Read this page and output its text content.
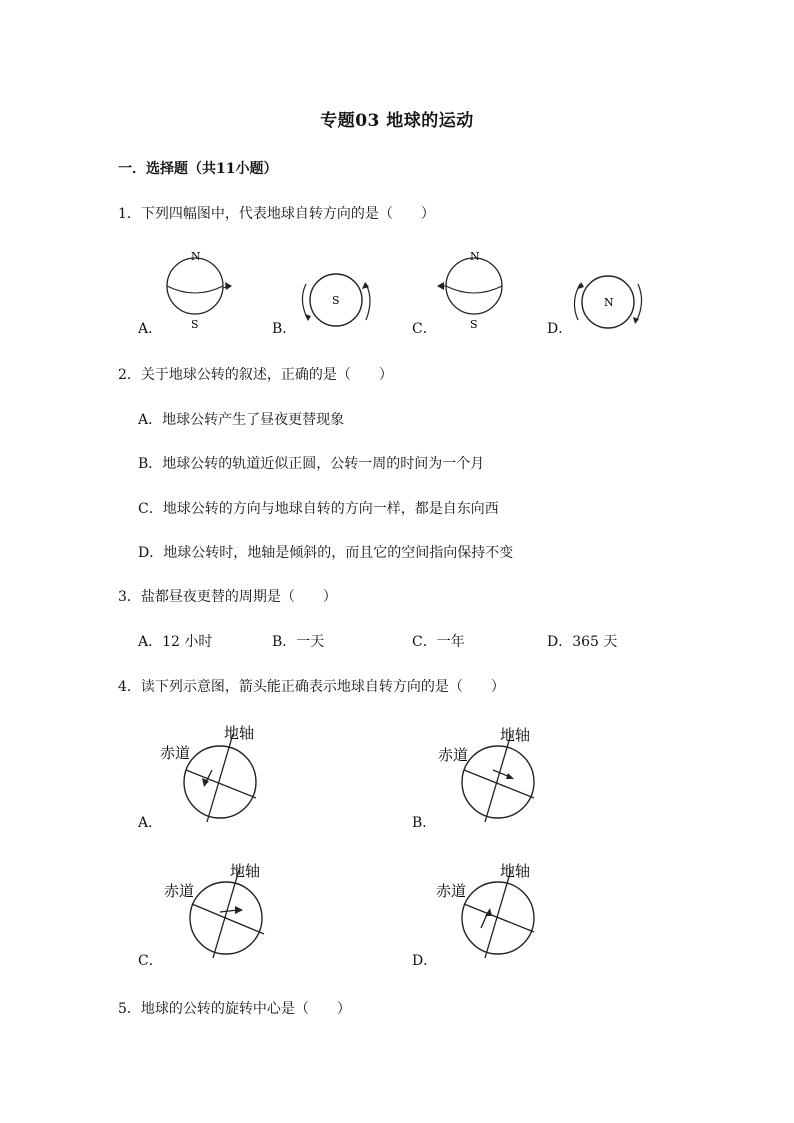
专题03 地球的运动
一．选择题（共11小题）
1．下列四幅图中，代表地球自转方向的是（　　）
A．
N
S	B．
S
C．
N
S	D．
N
2．关于地球公转的叙述，正确的是（　　）
A．地球公转产生了昼夜更替现象
B．地球公转的轨道近似正圆，公转一周的时间为一个月
C．地球公转的方向与地球自转的方向一样，都是自东向西
D．地球公转时，地轴是倾斜的，而且它的空间指向保持不变
3．盐都昼夜更替的周期是（　　）
A．12 小时	B．一天	C．一年	D．365 天
4．读下列示意图，箭头能正确表示地球自转方向的是（　　）
A．
地轴
赤道
B．
地轴
赤道
C．
地轴
赤道
D．
地轴
赤道
5．地球的公转的旋转中心是（　　）
